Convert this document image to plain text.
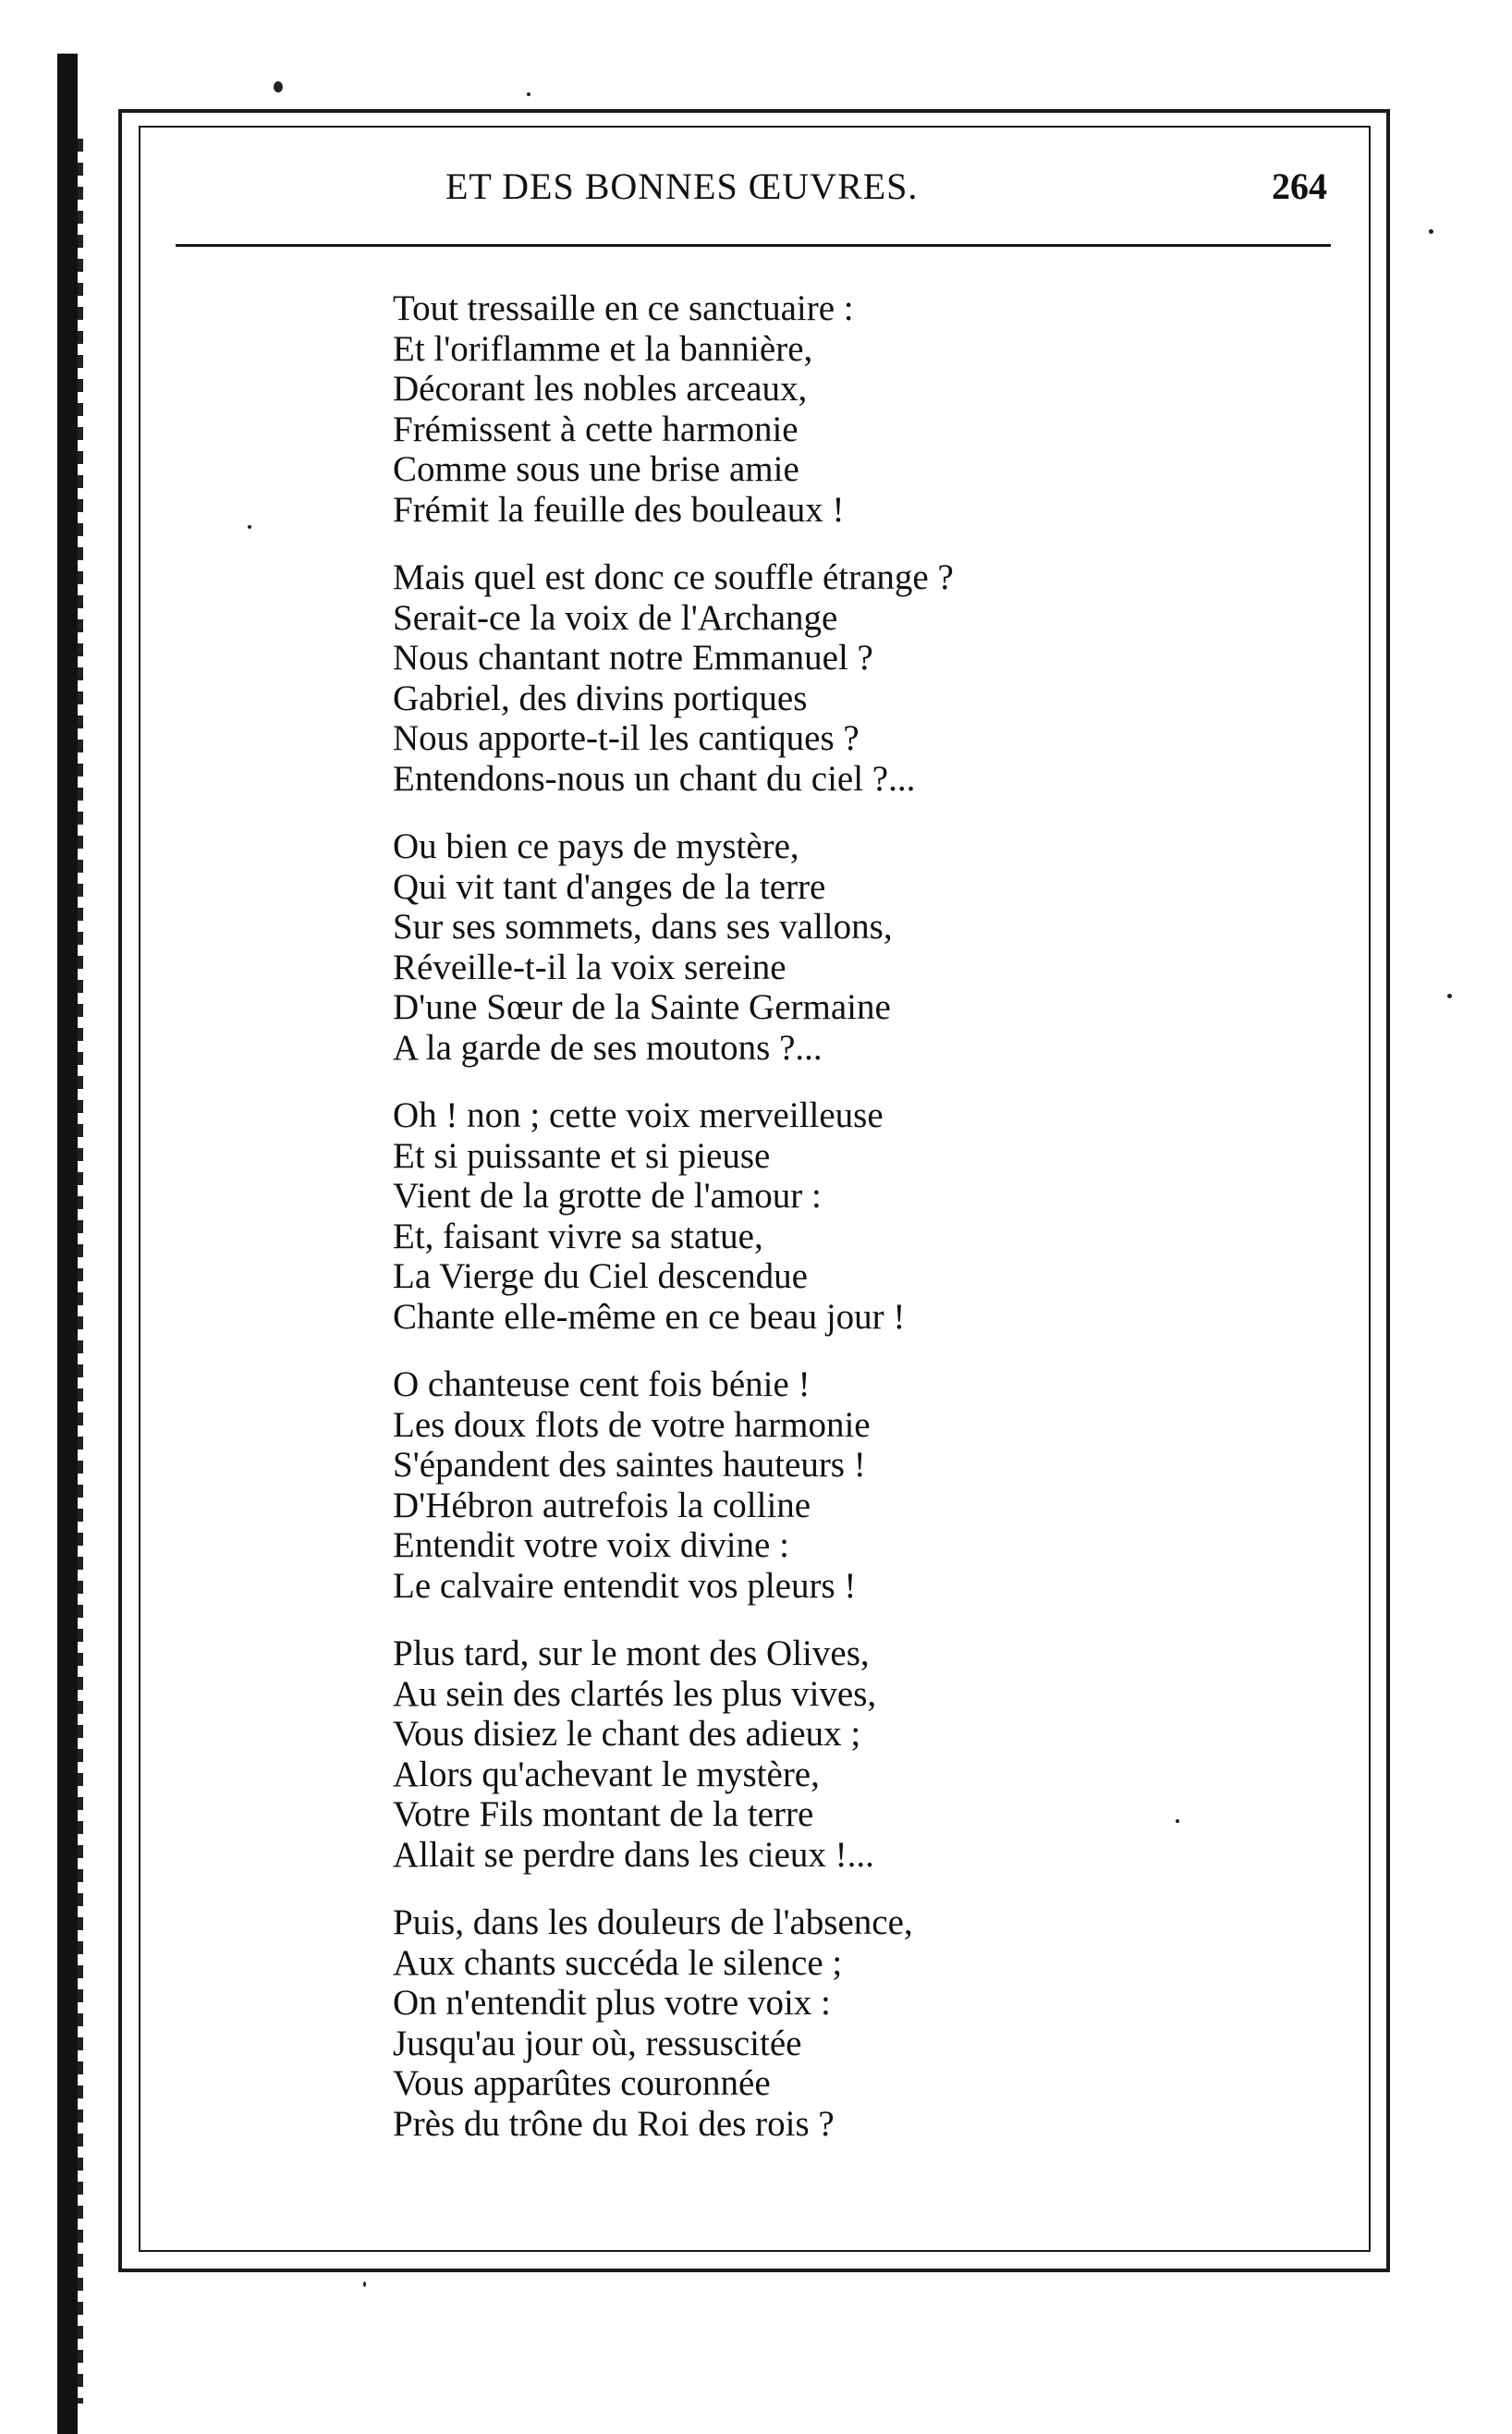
ET DES BONNES ŒUVRES.	264
Tout tressaille en ce sanctuaire :
Et l'oriflamme et la bannière,
Décorant les nobles arceaux,
Frémissent à cette harmonie
Comme sous une brise amie
Frémit la feuille des bouleaux !
Mais quel est donc ce souffle étrange ?
Serait-ce la voix de l'Archange
Nous chantant notre Emmanuel ?
Gabriel, des divins portiques
Nous apporte-t-il les cantiques ?
Entendons-nous un chant du ciel ?...
Ou bien ce pays de mystère,
Qui vit tant d'anges de la terre
Sur ses sommets, dans ses vallons,
Réveille-t-il la voix sereine
D'une Sœur de la Sainte Germaine
A la garde de ses moutons ?...
Oh ! non ; cette voix merveilleuse
Et si puissante et si pieuse
Vient de la grotte de l'amour :
Et, faisant vivre sa statue,
La Vierge du Ciel descendue
Chante elle-même en ce beau jour !
O chanteuse cent fois bénie !
Les doux flots de votre harmonie
S'épandent des saintes hauteurs !
D'Hébron autrefois la colline
Entendit votre voix divine :
Le calvaire entendit vos pleurs !
Plus tard, sur le mont des Olives,
Au sein des clartés les plus vives,
Vous disiez le chant des adieux ;
Alors qu'achevant le mystère,
Votre Fils montant de la terre
Allait se perdre dans les cieux !...
Puis, dans les douleurs de l'absence,
Aux chants succéda le silence ;
On n'entendit plus votre voix :
Jusqu'au jour où, ressuscitée
Vous apparûtes couronnée
Près du trône du Roi des rois ?
